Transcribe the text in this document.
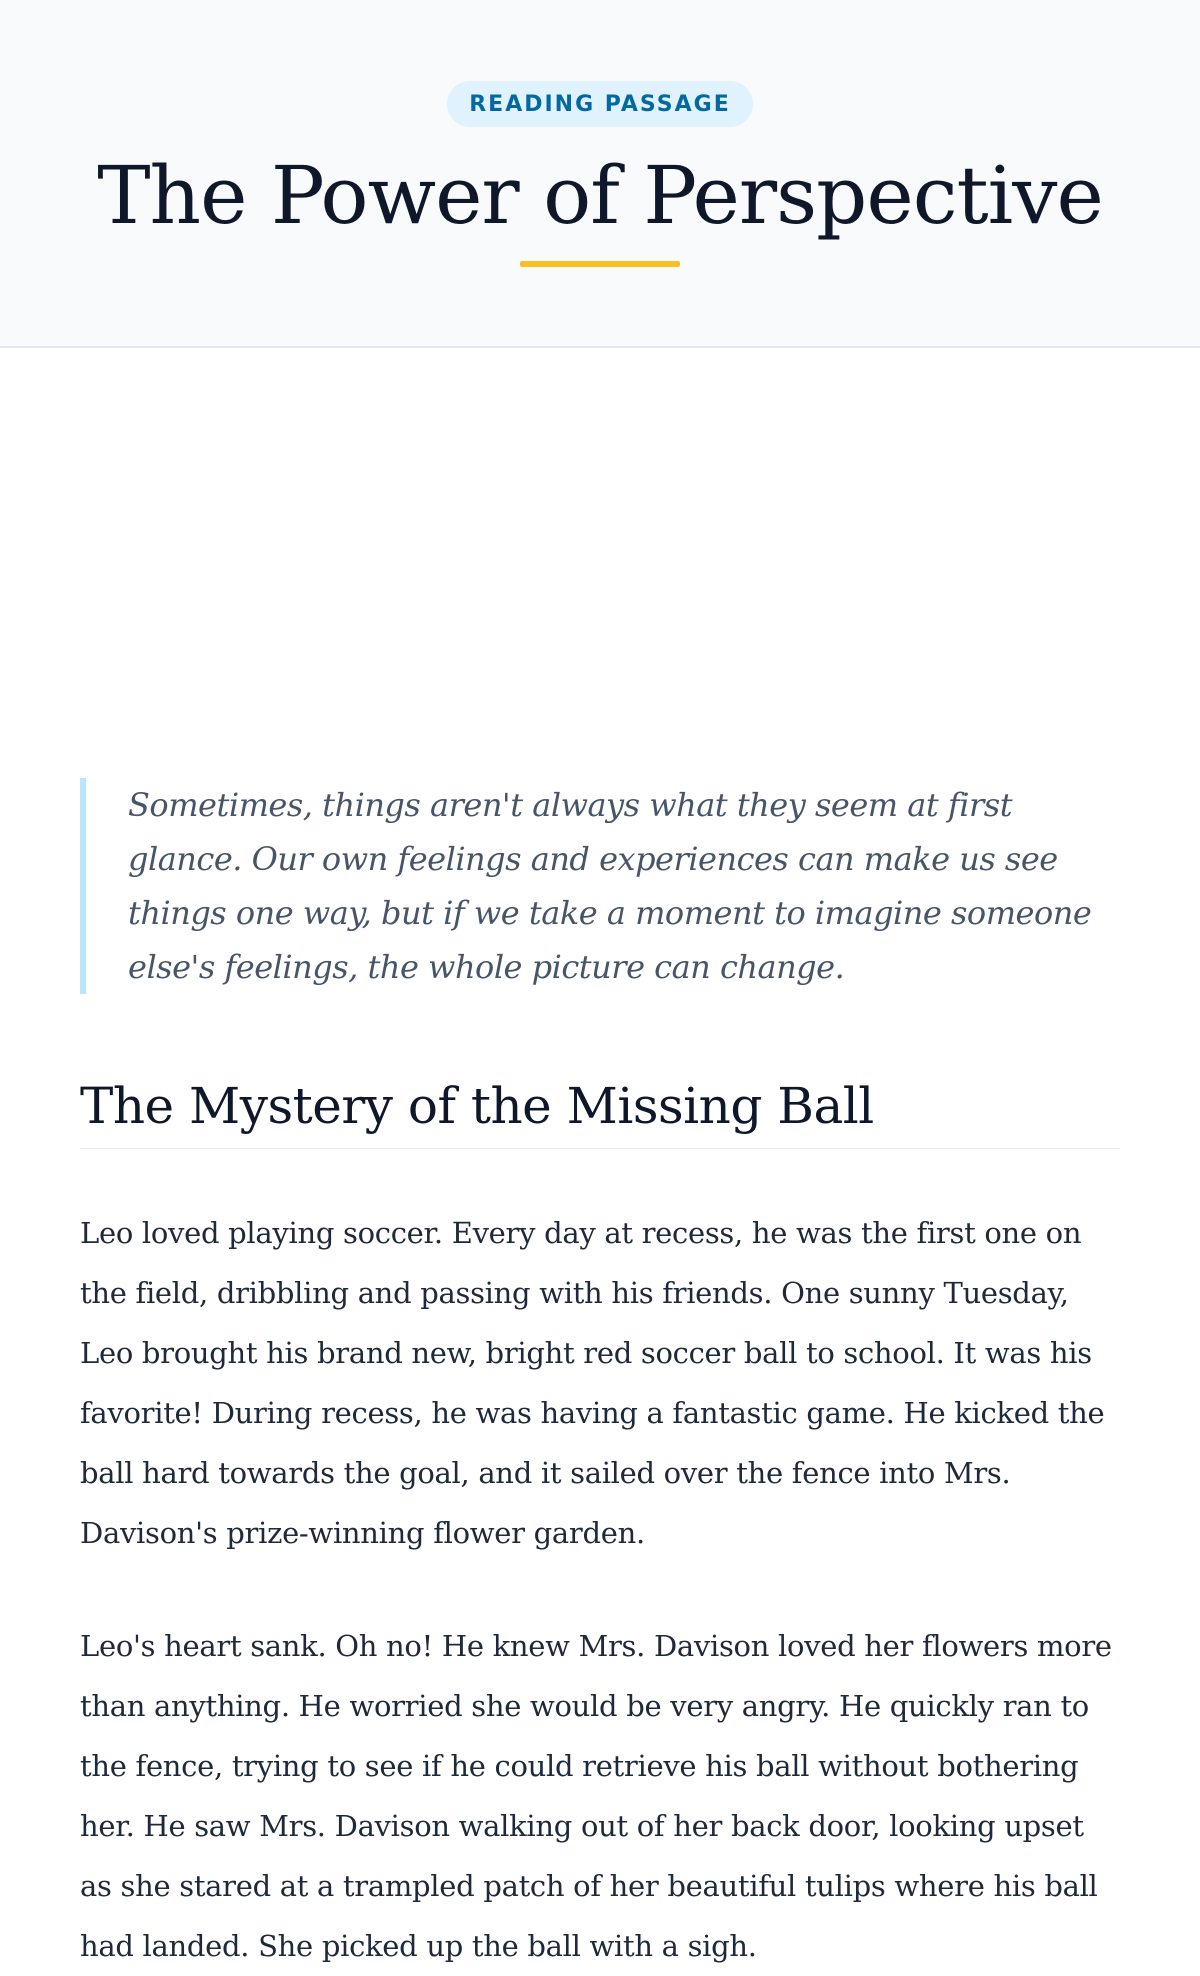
READING PASSAGE
The Power of Perspective
Sometimes, things aren't always what they seem at first glance. Our own feelings and experiences can make us see things one way, but if we take a moment to imagine someone else's feelings, the whole picture can change.
The Mystery of the Missing Ball

Leo loved playing soccer. Every day at recess, he was the first one on the field, dribbling and passing with his friends. One sunny Tuesday, Leo brought his brand new, bright red soccer ball to school. It was his favorite! During recess, he was having a fantastic game. He kicked the ball hard towards the goal, and it sailed over the fence into Mrs. Davison's prize-winning flower garden.

Leo's heart sank. Oh no! He knew Mrs. Davison loved her flowers more than anything. He worried she would be very angry. He quickly ran to the fence, trying to see if he could retrieve his ball without bothering her. He saw Mrs. Davison walking out of her back door, looking upset as she stared at a trampled patch of her beautiful tulips where his ball had landed. She picked up the ball with a sigh.
